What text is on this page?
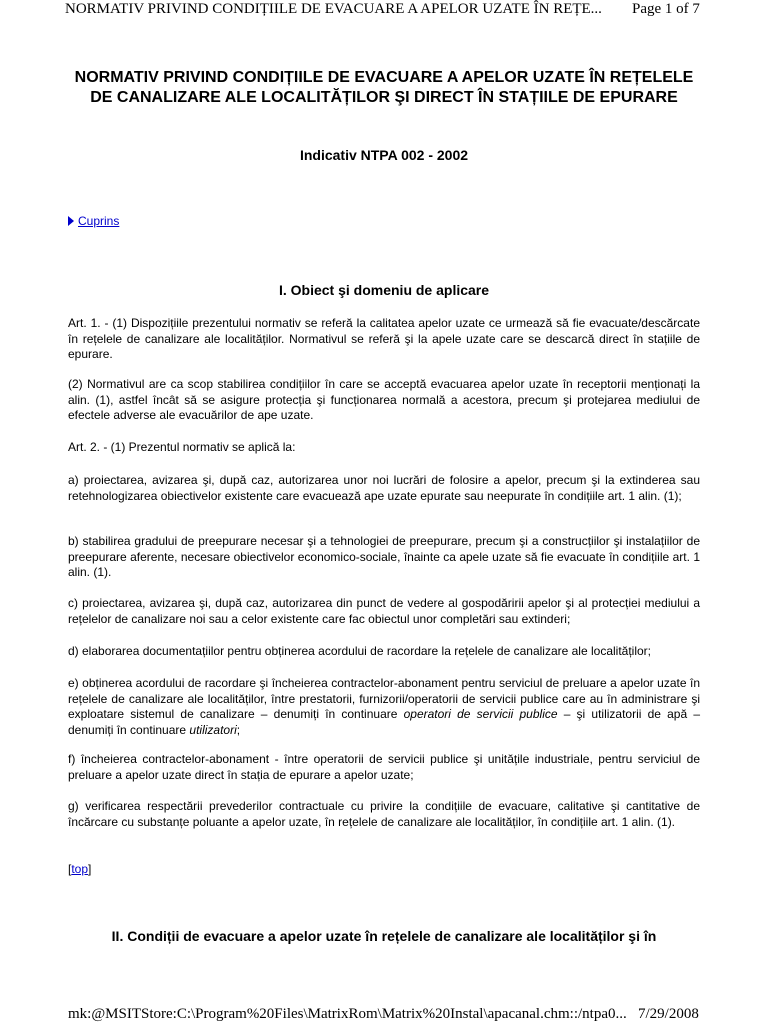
NORMATIV PRIVIND CONDIȚIILE DE EVACUARE A APELOR UZATE ÎN REȚE... Page 1 of 7
NORMATIV PRIVIND CONDIȚIILE DE EVACUARE A APELOR UZATE ÎN REȚELELE DE CANALIZARE ALE LOCALITĂȚILOR ŞI DIRECT ÎN STAȚIILE DE EPURARE
Indicativ NTPA 002 - 2002
Cuprins
I. Obiect şi domeniu de aplicare

Art. 1. - (1) Dispozițiile prezentului normativ se referă la calitatea apelor uzate ce urmează să fie evacuate/descărcate în rețelele de canalizare ale localităților. Normativul se referă şi la apele uzate care se descarcă direct în stațiile de epurare.

(2) Normativul are ca scop stabilirea condițiilor în care se acceptă evacuarea apelor uzate în receptorii menționați la alin. (1), astfel încât să se asigure protecția şi funcționarea normală a acestora, precum şi protejarea mediului de efectele adverse ale evacuărilor de ape uzate.

Art. 2. - (1) Prezentul normativ se aplică la:

a) proiectarea, avizarea şi, după caz, autorizarea unor noi lucrări de folosire a apelor, precum şi la extinderea sau retehnologizarea obiectivelor existente care evacuează ape uzate epurate sau neepurate în condițiile art. 1 alin. (1);

b) stabilirea gradului de preepurare necesar şi a tehnologiei de preepurare, precum şi a construcțiilor şi instalațiilor de preepurare aferente, necesare obiectivelor economico-sociale, înainte ca apele uzate să fie evacuate în condițiile art. 1 alin. (1).

c) proiectarea, avizarea şi, după caz, autorizarea din punct de vedere al gospodăririi apelor şi al protecției mediului a rețelelor de canalizare noi sau a celor existente care fac obiectul unor completări sau extinderi;

d) elaborarea documentațiilor pentru obținerea acordului de racordare la rețelele de canalizare ale localităților;

e) obținerea acordului de racordare şi încheierea contractelor-abonament pentru serviciul de preluare a apelor uzate în rețelele de canalizare ale localităților, între prestatorii, furnizorii/operatorii de servicii publice care au în administrare şi exploatare sistemul de canalizare – denumiți în continuare operatori de servicii publice – şi utilizatorii de apă – denumiți în continuare utilizatori;

f) încheierea contractelor-abonament - între operatorii de servicii publice şi unitățile industriale, pentru serviciul de preluare a apelor uzate direct în stația de epurare a apelor uzate;

g) verificarea respectării prevederilor contractuale cu privire la condițiile de evacuare, calitative şi cantitative de încărcare cu substanțe poluante a apelor uzate, în rețelele de canalizare ale localităților, în condițiile art. 1 alin. (1).

[top]
II. Condiții de evacuare a apelor uzate în rețelele de canalizare ale localităților şi în
mk:@MSITStore:C:\Program%20Files\MatrixRom\Matrix%20Instal\apacanal.chm::/ntpa0... 7/29/2008
